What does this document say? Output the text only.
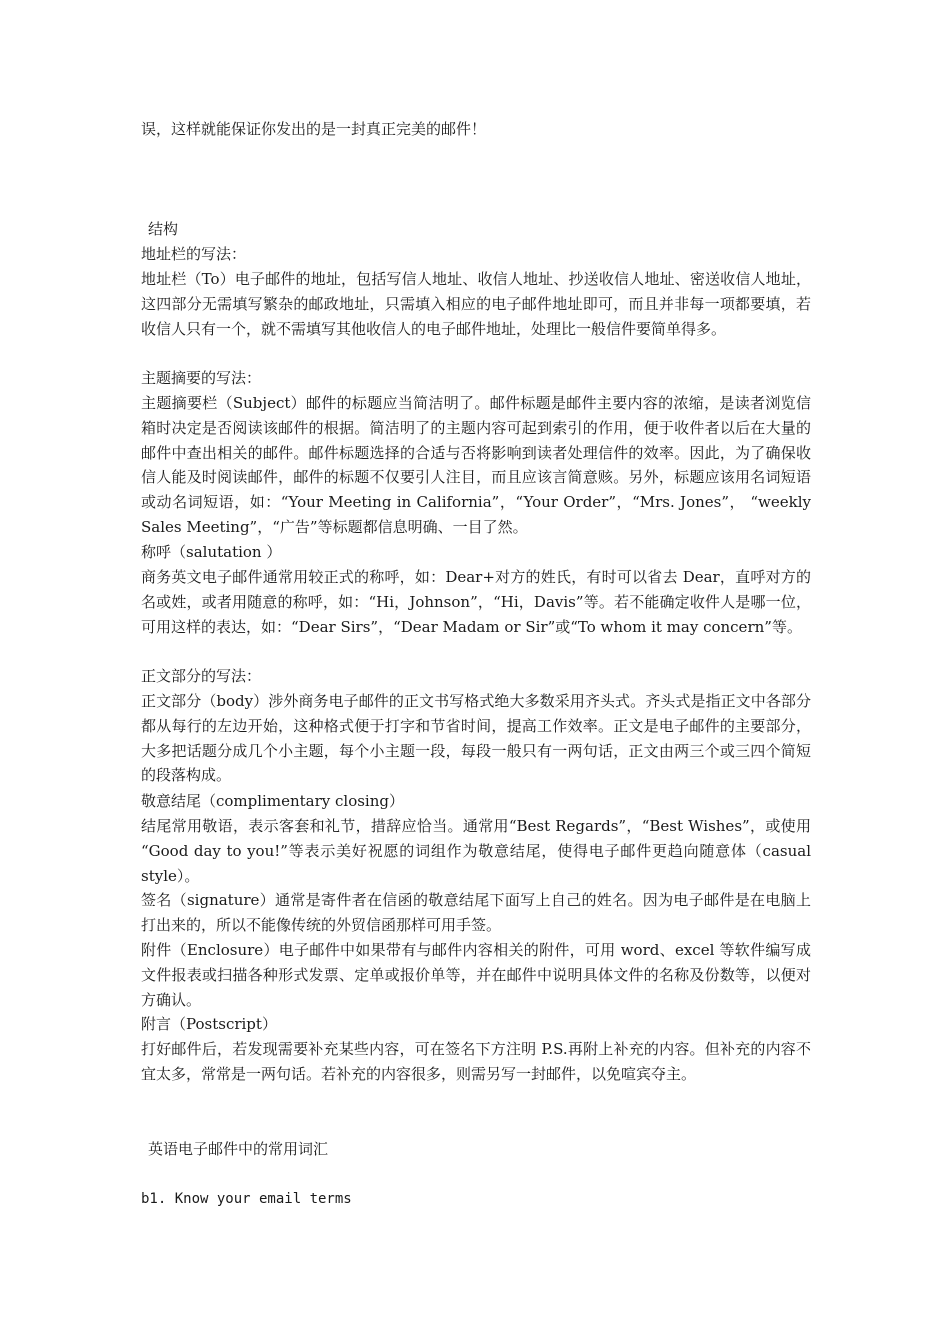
误，这样就能保证你发出的是一封真正完美的邮件！

结构

地址栏的写法：

地址栏（To）电子邮件的地址，包括写信人地址、收信人地址、抄送收信人地址、密送收信人地址，这四部分无需填写繁杂的邮政地址，只需填入相应的电子邮件地址即可，而且并非每一项都要填，若收信人只有一个，就不需填写其他收信人的电子邮件地址，处理比一般信件要简单得多。

主题摘要的写法：

主题摘要栏（Subject）邮件的标题应当简洁明了。邮件标题是邮件主要内容的浓缩，是读者浏览信箱时决定是否阅读该邮件的根据。简洁明了的主题内容可起到索引的作用，便于收件者以后在大量的邮件中查出相关的邮件。邮件标题选择的合适与否将影响到读者处理信件的效率。因此，为了确保收信人能及时阅读邮件，邮件的标题不仅要引人注目，而且应该言简意赅。另外，标题应该用名词短语或动名词短语，如：“Your Meeting in California”，“Your Order”，“Mrs. Jones”， “weekly Sales Meeting”，“广告”等标题都信息明确、一目了然。

称呼（salutation ）

商务英文电子邮件通常用较正式的称呼，如：Dear+对方的姓氏，有时可以省去 Dear，直呼对方的名或姓，或者用随意的称呼，如：“Hi，Johnson”，“Hi，Davis”等。若不能确定收件人是哪一位，可用这样的表达，如：“Dear Sirs”，“Dear Madam or Sir”或“To whom it may concern”等。

正文部分的写法：

正文部分（body）涉外商务电子邮件的正文书写格式绝大多数采用齐头式。齐头式是指正文中各部分都从每行的左边开始，这种格式便于打字和节省时间，提高工作效率。正文是电子邮件的主要部分，大多把话题分成几个小主题，每个小主题一段，每段一般只有一两句话，正文由两三个或三四个简短的段落构成。

敬意结尾（complimentary closing）

结尾常用敬语，表示客套和礼节，措辞应恰当。通常用“Best Regards”，“Best Wishes”，或使用 “Good day to you!”等表示美好祝愿的词组作为敬意结尾，使得电子邮件更趋向随意体（casual style）。

签名（signature）通常是寄件者在信函的敬意结尾下面写上自己的姓名。因为电子邮件是在电脑上打出来的，所以不能像传统的外贸信函那样可用手签。

附件（Enclosure）电子邮件中如果带有与邮件内容相关的附件，可用 word、excel 等软件编写成文件报表或扫描各种形式发票、定单或报价单等，并在邮件中说明具体文件的名称及份数等，以便对方确认。

附言（Postscript）

打好邮件后，若发现需要补充某些内容，可在签名下方注明 P.S.再附上补充的内容。但补充的内容不宜太多，常常是一两句话。若补充的内容很多，则需另写一封邮件，以免喧宾夺主。

英语电子邮件中的常用词汇

b1. Know your email terms
